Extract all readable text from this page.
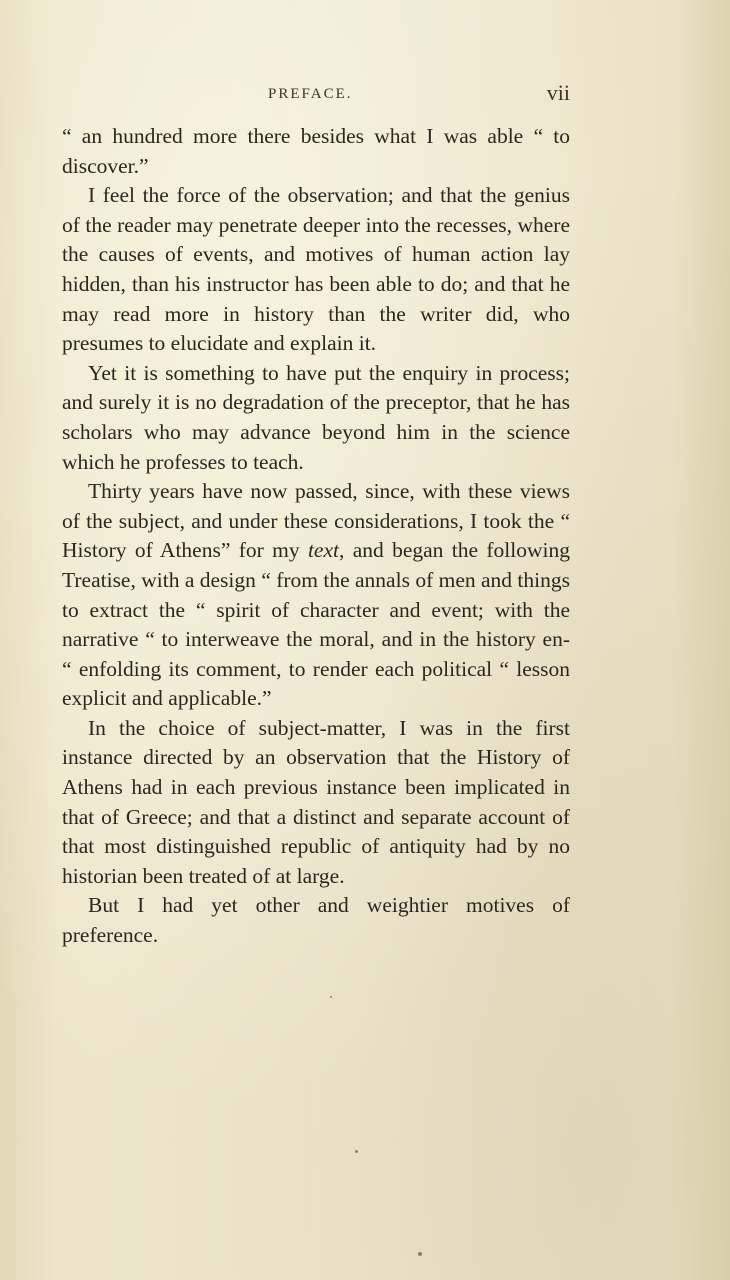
PREFACE.	vii

“ an hundred more there besides what I was able “ to discover.”

I feel the force of the observation; and that the genius of the reader may penetrate deeper into the recesses, where the causes of events, and motives of human action lay hidden, than his instructor has been able to do; and that he may read more in history than the writer did, who presumes to elucidate and explain it.

Yet it is something to have put the enquiry in process; and surely it is no degradation of the preceptor, that he has scholars who may advance beyond him in the science which he professes to teach.

Thirty years have now passed, since, with these views of the subject, and under these considerations, I took the “ History of Athens” for my text, and began the following Treatise, with a design “ from the annals of men and things to extract the “ spirit of character and event; with the narrative “ to interweave the moral, and in the history en- “ enfolding its comment, to render each political “ lesson explicit and applicable.”

In the choice of subject-matter, I was in the first instance directed by an observation that the History of Athens had in each previous instance been implicated in that of Greece; and that a distinct and separate account of that most distinguished republic of antiquity had by no historian been treated of at large.

But I had yet other and weightier motives of preference.
